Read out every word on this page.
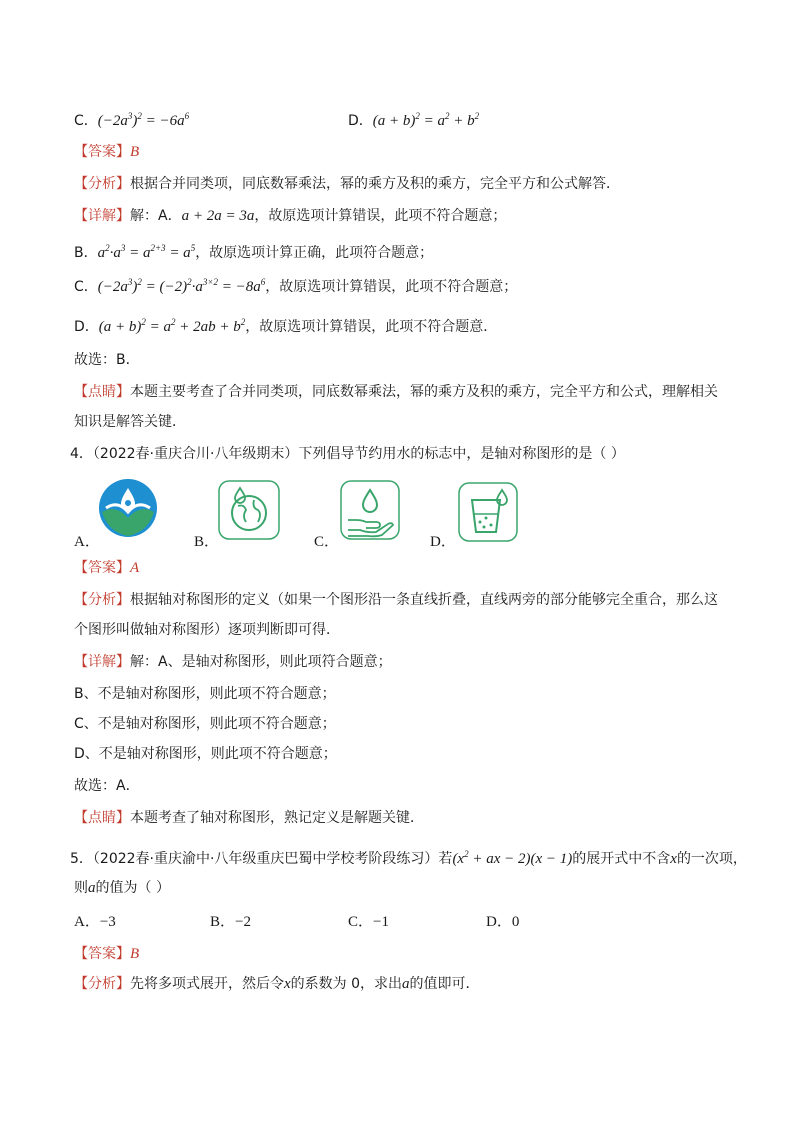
C．$(-2a^3)^2 = -6a^6$	D．$(a + b)^2 = a^2 + b^2$
【答案】B
【分析】根据合并同类项，同底数幂乘法，幂的乘方及积的乘方，完全平方和公式解答．
【详解】解：A．a + 2a = 3a，故原选项计算错误，此项不符合题意；
B．$a^2\cdot a^3 = a^{2+3} = a^5$，故原选项计算正确，此项符合题意；
C．$(-2a^3)^2 = (-2)^2\cdot a^{3\times 2} = -8a^6$，故原选项计算错误，此项不符合题意；
D．$(a + b)^2 = a^2 + 2ab + b^2$，故原选项计算错误，此项不符合题意．
故选：B．
【点睛】本题主要考查了合并同类项，同底数幂乘法，幂的乘方及积的乘方，完全平方和公式，理解相关
知识是解答关键．
4．（2022春·重庆合川·八年级期末）下列倡导节约用水的标志中，是轴对称图形的是（ ）
A．	B．	C．	D．
【答案】A
【分析】根据轴对称图形的定义（如果一个图形沿一条直线折叠，直线两旁的部分能够完全重合，那么这
个图形叫做轴对称图形）逐项判断即可得．
【详解】解：A、是轴对称图形，则此项符合题意；
B、不是轴对称图形，则此项不符合题意；
C、不是轴对称图形，则此项不符合题意；
D、不是轴对称图形，则此项不符合题意；
故选：A．
【点睛】本题考查了轴对称图形，熟记定义是解题关键．
5．（2022春·重庆渝中·八年级重庆巴蜀中学校考阶段练习）若($x^2$ + ax − 2)(x − 1)的展开式中不含x的一次项，
则a的值为（ ）
A．−3	B．−2	C．−1	D．0
【答案】B
【分析】先将多项式展开，然后令x的系数为 0，求出a的值即可．
